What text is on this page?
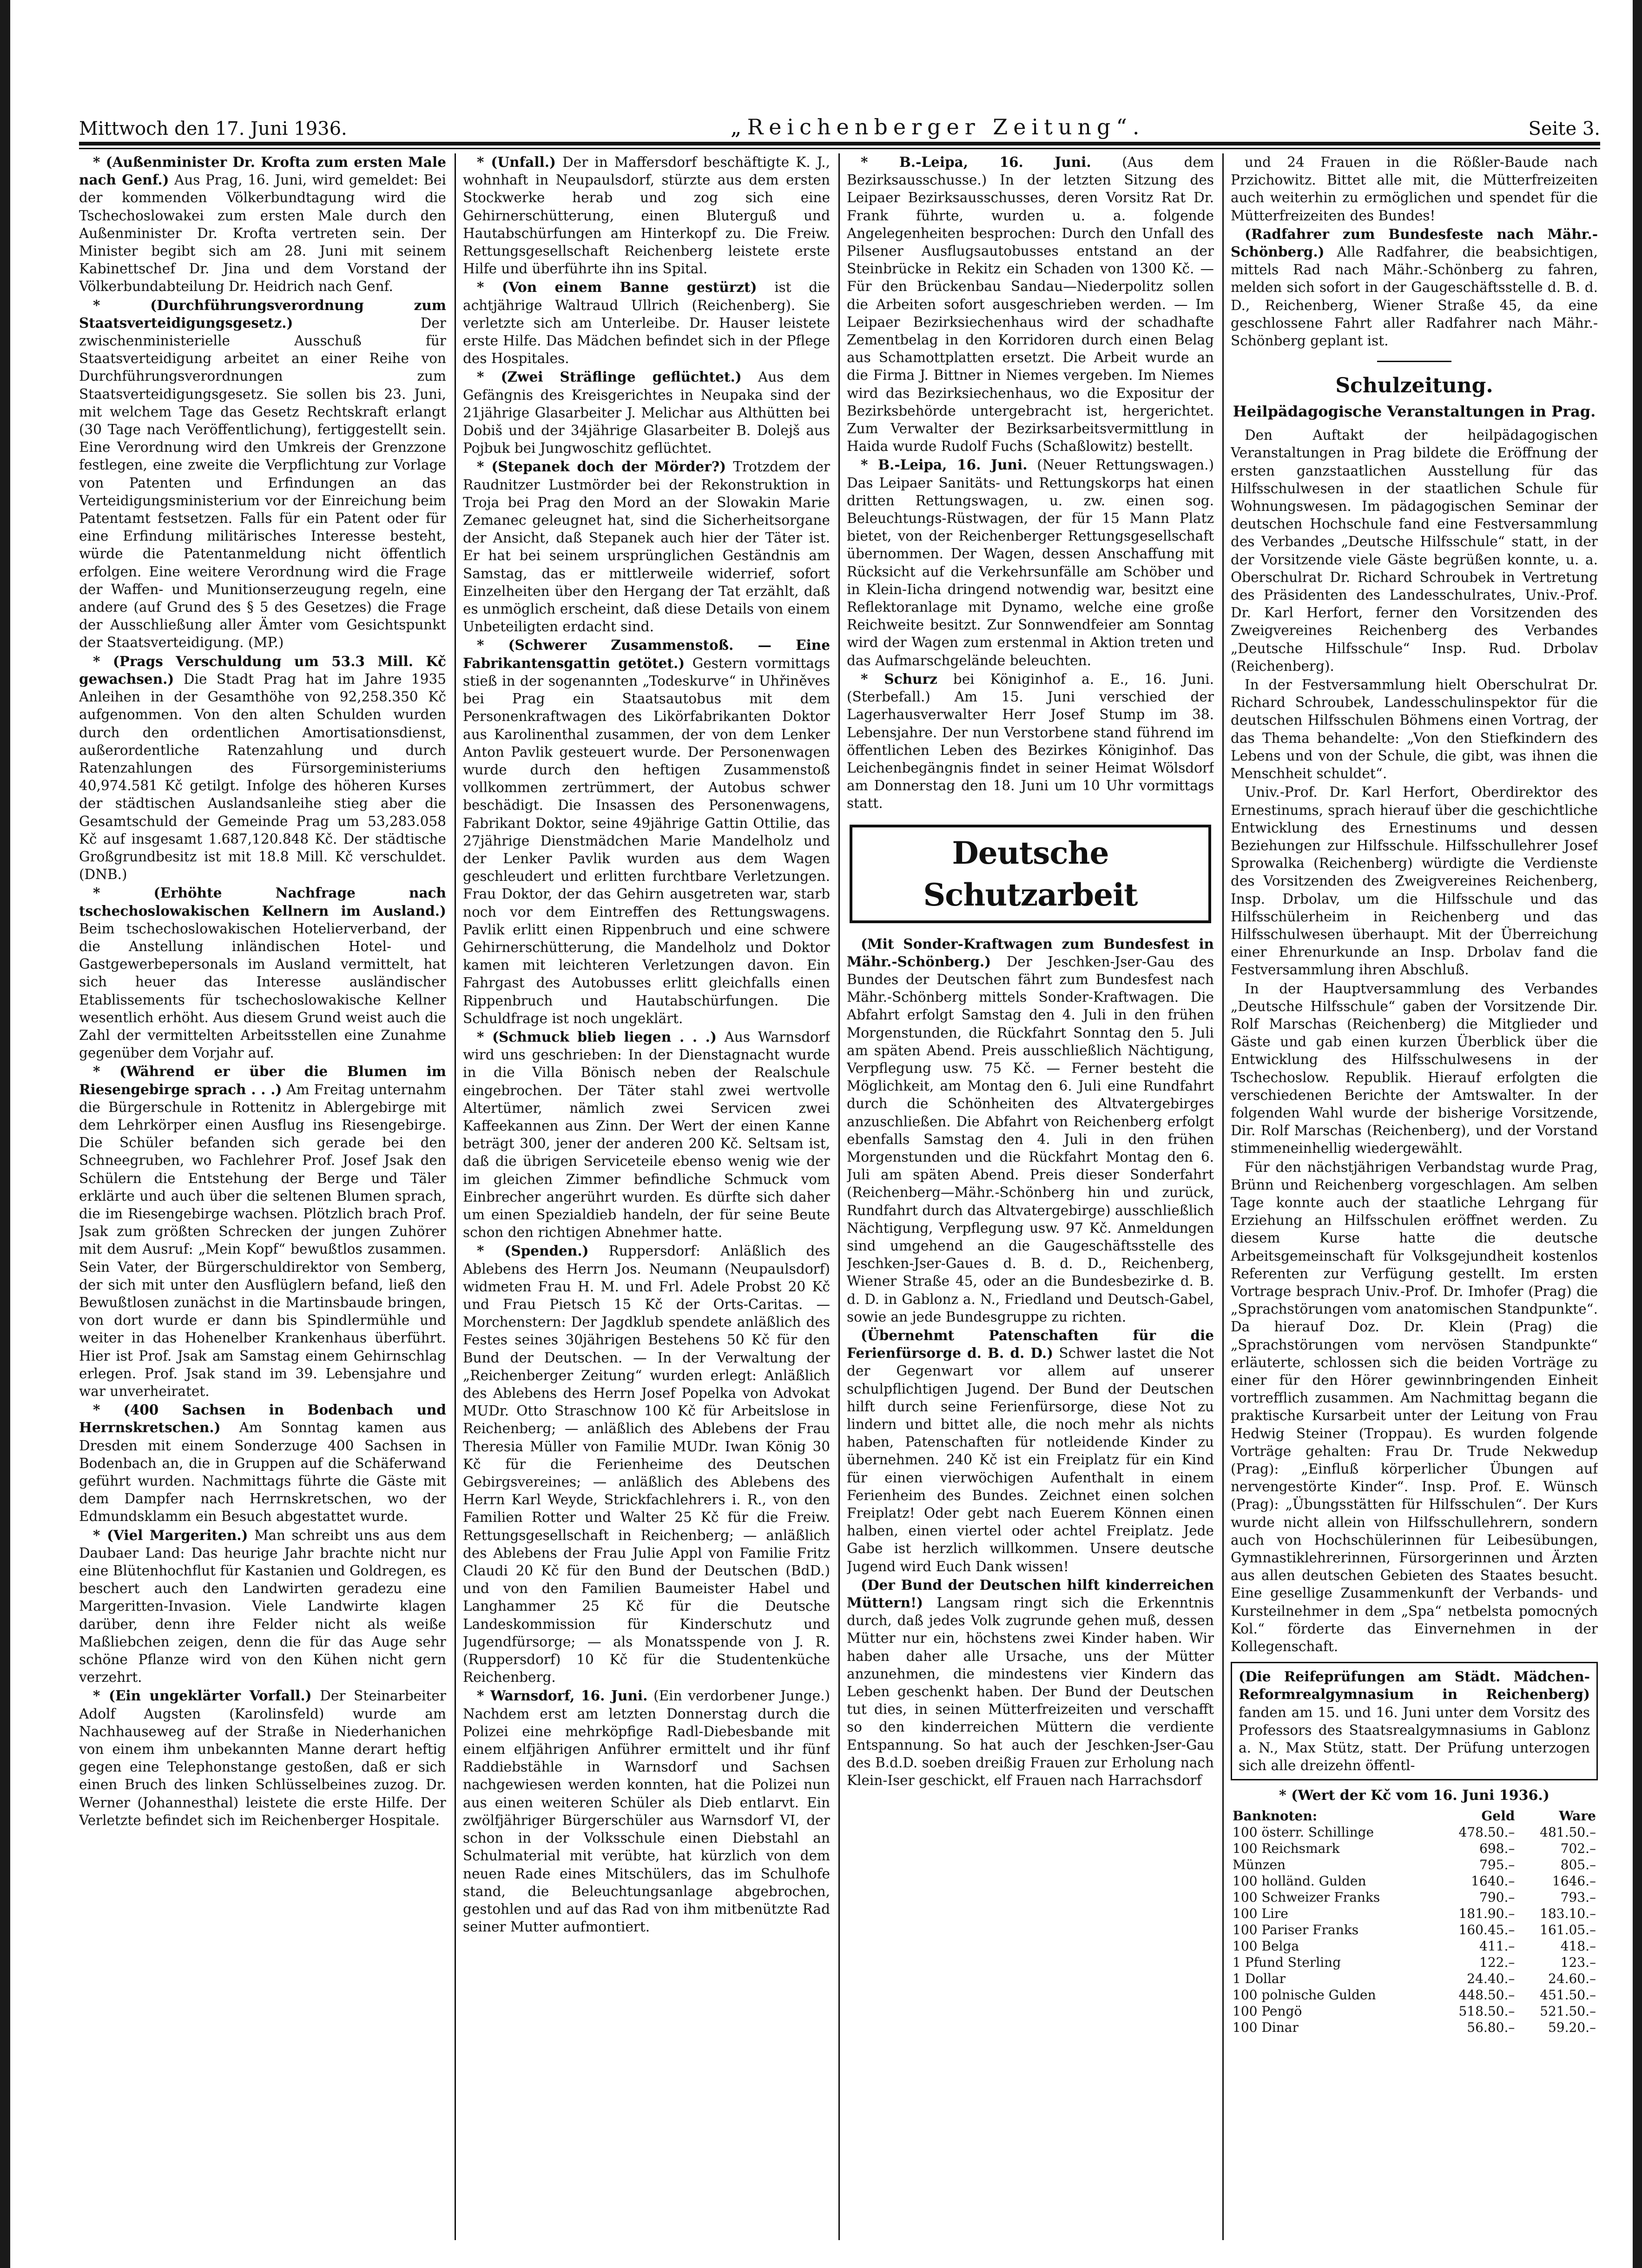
Mittwoch den 17. Juni 1936.	„Reichenberger Zeitung“.	Seite 3.

* (Außenminister Dr. Krofta zum ersten Male nach Genf.) Aus Prag, 16. Juni, wird gemeldet: Bei der kommenden Völkerbundtagung wird die Tschechoslowakei zum ersten Male durch den Außenminister Dr. Krofta vertreten sein. Der Minister begibt sich am 28. Juni mit seinem Kabinettschef Dr. Jina und dem Vorstand der Völkerbundabteilung Dr. Heidrich nach Genf.

* (Durchführungsverordnung zum Staatsverteidigungsgesetz.)	Der zwischenministerielle Ausschuß für Staatsverteidigung arbeitet an einer Reihe von Durchführungsverordnungen zum Staatsverteidigungsgesetz. Sie sollen bis 23. Juni, mit welchem Tage das Gesetz Rechtskraft erlangt (30 Tage nach Veröffentlichung), fertiggestellt sein. Eine Verordnung wird den Umkreis der Grenzzone festlegen, eine zweite die Verpflichtung zur Vorlage von Patenten und Erfindungen an das Verteidigungsministerium vor der Einreichung beim Patentamt festsetzen. Falls für ein Patent oder für eine Erfindung militärisches Interesse besteht, würde die Patentanmeldung nicht öffentlich erfolgen. Eine weitere Verordnung wird die Frage der Waffen- und Munitionserzeugung regeln, eine andere (auf Grund des § 5 des Gesetzes) die Frage der Ausschließung aller Ämter vom Gesichtspunkt der Staatsverteidigung. (MP.)

* (Prags Verschuldung um 53.3 Mill. Kč gewachsen.) Die Stadt Prag hat im Jahre 1935 Anleihen in der Gesamthöhe von 92,258.350 Kč aufgenommen. Von den alten Schulden wurden durch den ordentlichen Amortisationsdienst, außerordentliche Ratenzahlung und durch Ratenzahlungen des Fürsorgeministeriums 40,974.581 Kč getilgt. Infolge des höheren Kurses der städtischen Auslandsanleihe stieg aber die Gesamtschuld der Gemeinde Prag um 53,283.058 Kč auf insgesamt 1.687,120.848 Kč. Der städtische Großgrundbesitz ist mit 18.8 Mill. Kč verschuldet. (DNB.)

* (Erhöhte Nachfrage nach tschechoslowakischen Kellnern im Ausland.) Beim tschechoslowakischen Hotelierverband, der die Anstellung inländischen Hotel- und Gastgewerbepersonals im Ausland vermittelt, hat sich heuer das Interesse ausländischer Etablissements für tschechoslowakische Kellner wesentlich erhöht. Aus diesem Grund weist auch die Zahl der vermittelten Arbeitsstellen eine Zunahme gegenüber dem Vorjahr auf.

* (Während er über die Blumen im Riesengebirge sprach . . .) Am Freitag unternahm die Bürgerschule in Rottenitz in Ablergebirge mit dem Lehrkörper einen Ausflug ins Riesengebirge. Die Schüler befanden sich gerade bei den Schneegruben, wo Fachlehrer Prof. Josef Jsak den Schülern die Entstehung der Berge und Täler erklärte und auch über die seltenen Blumen sprach, die im Riesengebirge wachsen. Plötzlich brach Prof. Jsak zum größten Schrecken der jungen Zuhörer mit dem Ausruf: „Mein Kopf“ bewußtlos zusammen. Sein Vater, der Bürgerschuldirektor von Semberg, der sich mit unter den Ausflüglern befand, ließ den Bewußtlosen zunächst in die Martinsbaude bringen, von dort wurde er dann bis Spindlermühle und weiter in das Hohenelber Krankenhaus überführt. Hier ist Prof. Jsak am Samstag einem Gehirnschlag erlegen. Prof. Jsak stand im 39. Lebensjahre und war unverheiratet.

* (400 Sachsen in Bodenbach und Herrnskretschen.) Am Sonntag kamen aus Dresden mit einem Sonderzuge 400 Sachsen in Bodenbach an, die in Gruppen auf die Schäferwand geführt wurden. Nachmittags führte die Gäste mit dem Dampfer nach Herrnskretschen, wo der Edmundsklamm ein Besuch abgestattet wurde.

* (Viel Margeriten.) Man schreibt uns aus dem Daubaer Land: Das heurige Jahr brachte nicht nur eine Blütenhochflut für Kastanien und Goldregen, es beschert auch den Landwirten geradezu eine Margeritten-Invasion. Viele Landwirte klagen darüber, denn ihre Felder nicht als weiße Maßliebchen zeigen, denn die für das Auge sehr schöne Pflanze wird von den Kühen nicht gern verzehrt.

* (Ein ungeklärter Vorfall.) Der Steinarbeiter Adolf Augsten (Karolinsfeld) wurde am Nachhauseweg auf der Straße in Niederhanichen von einem ihm unbekannten Manne derart heftig gegen eine Telephonstange gestoßen, daß er sich einen Bruch des linken Schlüsselbeines zuzog. Dr. Werner (Johannesthal) leistete die erste Hilfe. Der Verletzte befindet sich im Reichenberger Hospitale.

* (Unfall.) Der in Maffersdorf beschäftigte K. J., wohnhaft in Neupaulsdorf, stürzte aus dem ersten Stockwerke herab und zog sich eine Gehirnerschütterung, einen Bluterguß und Hautabschürfungen am Hinterkopf zu. Die Freiw. Rettungsgesellschaft Reichenberg leistete erste Hilfe und überführte ihn ins Spital.

* (Von einem Banne gestürzt) ist die achtjährige Waltraud Ullrich (Reichenberg). Sie verletzte sich am Unterleibe. Dr. Hauser leistete erste Hilfe. Das Mädchen befindet sich in der Pflege des Hospitales.

* (Zwei Sträflinge geflüchtet.) Aus dem Gefängnis des Kreisgerichtes in Neupaka sind der 21jährige Glasarbeiter J. Melichar aus Althütten bei Dobiš und der 34jährige Glasarbeiter B. Dolejš aus Pojbuk bei Jungwoschitz geflüchtet.

* (Stepanek doch der Mörder?) Trotzdem der Raudnitzer Lustmörder bei der Rekonstruktion in Troja bei Prag den Mord an der Slowakin Marie Zemanec geleugnet hat, sind die Sicherheitsorgane der Ansicht, daß Stepanek auch hier der Täter ist. Er hat bei seinem ursprünglichen Geständnis am Samstag, das er mittlerweile widerrief, sofort Einzelheiten über den Hergang der Tat erzählt, daß es unmöglich erscheint, daß diese Details von einem Unbeteiligten erdacht sind.

* (Schwerer Zusammenstoß. — Eine Fabrikantensgattin getötet.) Gestern vormittags stieß in der sogenannten „Todeskurve“ in Uhřiněves bei Prag ein Staatsautobus mit dem Personenkraftwagen des Likörfabrikanten Doktor aus Karolinenthal zusammen, der von dem Lenker Anton Pavlik gesteuert wurde. Der Personenwagen wurde durch den heftigen Zusammenstoß vollkommen zertrümmert, der Autobus schwer beschädigt. Die Insassen des Personenwagens, Fabrikant Doktor, seine 49jährige Gattin Ottilie, das 27jährige Dienstmädchen Marie Mandelholz und der Lenker Pavlik wurden aus dem Wagen geschleudert und erlitten furchtbare Verletzungen. Frau Doktor, der das Gehirn ausgetreten war, starb noch vor dem Eintreffen des Rettungswagens. Pavlik erlitt einen Rippenbruch und eine schwere Gehirnerschütterung, die Mandelholz und Doktor kamen mit leichteren Verletzungen davon. Ein Fahrgast des Autobusses erlitt gleichfalls einen Rippenbruch und Hautabschürfungen. Die Schuldfrage ist noch ungeklärt.

* (Schmuck blieb liegen . . .) Aus Warnsdorf wird uns geschrieben: In der Dienstagnacht wurde in die Villa Bönisch neben der Realschule eingebrochen. Der Täter stahl zwei wertvolle Altertümer, nämlich zwei Servicen zwei Kaffeekannen aus Zinn. Der Wert der einen Kanne beträgt 300, jener der anderen 200 Kč. Seltsam ist, daß die übrigen Serviceteile ebenso wenig wie der im gleichen Zimmer befindliche Schmuck vom Einbrecher angerührt wurden. Es dürfte sich daher um einen Spezialdieb handeln, der für seine Beute schon den richtigen Abnehmer hatte.

* (Spenden.) Ruppersdorf: Anläßlich des Ablebens des Herrn Jos. Neumann (Neupaulsdorf) widmeten Frau H. M. und Frl. Adele Probst 20 Kč und Frau Pietsch 15 Kč der Orts-Caritas. — Morchenstern: Der Jagdklub spendete anläßlich des Festes seines 30jährigen Bestehens 50 Kč für den Bund der Deutschen. — In der Verwaltung der „Reichenberger Zeitung“ wurden erlegt: Anläßlich des Ablebens des Herrn Josef Popelka von Advokat MUDr. Otto Straschnow 100 Kč für Arbeitslose in Reichenberg; — anläßlich des Ablebens der Frau Theresia Müller von Familie MUDr. Iwan König 30 Kč für die Ferienheime des Deutschen Gebirgsvereines; — anläßlich des Ablebens des Herrn Karl Weyde, Strickfachlehrers i. R., von den Familien Rotter und Walter 25 Kč für die Freiw. Rettungsgesellschaft in Reichenberg; — anläßlich des Ablebens der Frau Julie Appl von Familie Fritz Claudi 20 Kč für den Bund der Deutschen (BdD.) und von den Familien Baumeister Habel und Langhammer 25 Kč für die Deutsche Landeskommission für Kinderschutz und Jugendfürsorge; — als Monatsspende von J. R. (Ruppersdorf) 10 Kč für die Studentenküche Reichenberg.

* Warnsdorf, 16. Juni. (Ein verdorbener Junge.) Nachdem erst am letzten Donnerstag durch die Polizei eine mehrköpfige Radl-Diebesbande mit einem elfjährigen Anführer ermittelt und ihr fünf Raddiebstähle in Warnsdorf und Sachsen nachgewiesen werden konnten, hat die Polizei nun aus einen weiteren Schüler als Dieb entlarvt. Ein zwölfjähriger Bürgerschüler aus Warnsdorf VI, der schon in der Volksschule einen Diebstahl an Schulmaterial mit verübte, hat kürzlich von dem neuen Rade eines Mitschülers, das im Schulhofe stand, die Beleuchtungsanlage abgebrochen, gestohlen und auf das Rad von ihm mitbenützte Rad seiner Mutter aufmontiert.

* B.-Leipa, 16. Juni. (Aus dem Bezirksausschusse.) In der letzten Sitzung des Leipaer Bezirksausschusses, deren Vorsitz Rat Dr. Frank führte, wurden u. a. folgende Angelegenheiten besprochen: Durch den Unfall des Pilsener Ausflugsautobusses entstand an der Steinbrücke in Rekitz ein Schaden von 1300 Kč. — Für den Brückenbau Sandau—Niederpolitz sollen die Arbeiten sofort ausgeschrieben werden. — Im Leipaer Bezirksiechenhaus wird der schadhafte Zementbelag in den Korridoren durch einen Belag aus Schamottplatten ersetzt. Die Arbeit wurde an die Firma J. Bittner in Niemes vergeben. Im Niemes wird das Bezirksiechenhaus, wo die Expositur der Bezirksbehörde untergebracht ist, hergerichtet. Zum Verwalter der Bezirksarbeitsvermittlung in Haida wurde Rudolf Fuchs (Schaßlowitz) bestellt.

* B.-Leipa, 16. Juni. (Neuer Rettungswagen.) Das Leipaer Sanitäts- und Rettungskorps hat einen dritten Rettungswagen, u. zw. einen sog. Beleuchtungs-Rüstwagen, der für 15 Mann Platz bietet, von der Reichenberger Rettungsgesellschaft übernommen. Der Wagen, dessen Anschaffung mit Rücksicht auf die Verkehrsunfälle am Schöber und in Klein-Iicha dringend notwendig war, besitzt eine Reflektoranlage mit Dynamo, welche eine große Reichweite besitzt. Zur Sonnwendfeier am Sonntag wird der Wagen zum erstenmal in Aktion treten und das Aufmarschgelände beleuchten.

* Schurz bei Königinhof a. E., 16. Juni. (Sterbefall.) Am 15. Juni verschied der Lagerhausverwalter Herr Josef Stump im 38. Lebensjahre. Der nun Verstorbene stand führend im öffentlichen Leben des Bezirkes Königinhof. Das Leichenbegängnis findet in seiner Heimat Wölsdorf am Donnerstag den 18. Juni um 10 Uhr vormittags statt.

Deutsche Schutzarbeit

(Mit Sonder-Kraftwagen zum Bundesfest in Mähr.-Schönberg.) Der Jeschken-Jser-Gau des Bundes der Deutschen fährt zum Bundesfest nach Mähr.-Schönberg mittels Sonder-Kraftwagen. Die Abfahrt erfolgt Samstag den 4. Juli in den frühen Morgenstunden, die Rückfahrt Sonntag den 5. Juli am späten Abend. Preis ausschließlich Nächtigung, Verpflegung usw. 75 Kč. — Ferner besteht die Möglichkeit, am Montag den 6. Juli eine Rundfahrt durch die Schönheiten des Altvatergebirges anzuschließen. Die Abfahrt von Reichenberg erfolgt ebenfalls Samstag den 4. Juli in den frühen Morgenstunden und die Rückfahrt Montag den 6. Juli am späten Abend. Preis dieser Sonderfahrt (Reichenberg—Mähr.-Schönberg hin und zurück, Rundfahrt durch das Altvatergebirge) ausschließlich Nächtigung, Verpflegung usw. 97 Kč. Anmeldungen sind umgehend an die Gaugeschäftsstelle des Jeschken-Jser-Gaues d. B. d. D., Reichenberg, Wiener Straße 45, oder an die Bundesbezirke d. B. d. D. in Gablonz a. N., Friedland und Deutsch-Gabel, sowie an jede Bundesgruppe zu richten.

(Übernehmt Patenschaften für die Ferienfürsorge d. B. d. D.) Schwer lastet die Not der Gegenwart vor allem auf unserer schulpflichtigen Jugend. Der Bund der Deutschen hilft durch seine Ferienfürsorge, diese Not zu lindern und bittet alle, die noch mehr als nichts haben, Patenschaften für notleidende Kinder zu übernehmen. 240 Kč ist ein Freiplatz für ein Kind für einen vierwöchigen Aufenthalt in einem Ferienheim des Bundes. Zeichnet einen solchen Freiplatz! Oder gebt nach Euerem Können einen halben, einen viertel oder achtel Freiplatz. Jede Gabe ist herzlich willkommen. Unsere deutsche Jugend wird Euch Dank wissen!

(Der Bund der Deutschen hilft kinderreichen Müttern!) Langsam ringt sich die Erkenntnis durch, daß jedes Volk zugrunde gehen muß, dessen Mütter nur ein, höchstens zwei Kinder haben. Wir haben daher alle Ursache, uns der Mütter anzunehmen, die mindestens vier Kindern das Leben geschenkt haben. Der Bund der Deutschen tut dies, in seinen Mütterfreizeiten und verschafft so den kinderreichen Müttern die verdiente Entspannung. So hat auch der Jeschken-Jser-Gau des B.d.D. soeben dreißig Frauen zur Erholung nach Klein-Iser geschickt, elf Frauen nach Harrachsdorf

und 24 Frauen in die Rößler-Baude nach Przichowitz. Bittet alle mit, die Mütterfreizeiten auch weiterhin zu ermöglichen und spendet für die Mütterfreizeiten des Bundes!

(Radfahrer zum Bundesfeste nach Mähr.-Schönberg.) Alle Radfahrer, die beabsichtigen, mittels Rad nach Mähr.-Schönberg zu fahren, melden sich sofort in der Gaugeschäftsstelle d. B. d. D., Reichenberg, Wiener Straße 45, da eine geschlossene Fahrt aller Radfahrer nach Mähr.-Schönberg geplant ist.

Schulzeitung.
Heilpädagogische Veranstaltungen in Prag.

Den Auftakt der heilpädagogischen Veranstaltungen in Prag bildete die Eröffnung der ersten ganzstaatlichen Ausstellung für das Hilfsschulwesen in der staatlichen Schule für Wohnungswesen. Im pädagogischen Seminar der deutschen Hochschule fand eine Festversammlung des Verbandes „Deutsche Hilfsschule“ statt, in der der Vorsitzende viele Gäste begrüßen konnte, u. a. Oberschulrat Dr. Richard Schroubek in Vertretung des Präsidenten des Landesschulrates, Univ.-Prof. Dr. Karl Herfort, ferner den Vorsitzenden des Zweigvereines Reichenberg des Verbandes „Deutsche Hilfsschule“ Insp. Rud. Drbolav (Reichenberg).

In der Festversammlung hielt Oberschulrat Dr. Richard Schroubek, Landesschulinspektor für die deutschen Hilfsschulen Böhmens einen Vortrag, der das Thema behandelte: „Von den Stiefkindern des Lebens und von der Schule, die gibt, was ihnen die Menschheit schuldet“.

Univ.-Prof. Dr. Karl Herfort, Oberdirektor des Ernestinums, sprach hierauf über die geschichtliche Entwicklung des Ernestinums und dessen Beziehungen zur Hilfsschule. Hilfsschullehrer Josef Sprowalka (Reichenberg) würdigte die Verdienste des Vorsitzenden des Zweigvereines Reichenberg, Insp. Drbolav, um die Hilfsschule und das Hilfsschülerheim in Reichenberg und das Hilfsschulwesen überhaupt. Mit der Überreichung einer Ehrenurkunde an Insp. Drbolav fand die Festversammlung ihren Abschluß.

In der Hauptversammlung des Verbandes „Deutsche Hilfsschule“ gaben der Vorsitzende Dir. Rolf Marschas (Reichenberg) die Mitglieder und Gäste und gab einen kurzen Überblick über die Entwicklung des Hilfsschulwesens in der Tschechoslow. Republik. Hierauf erfolgten die verschiedenen Berichte der Amtswalter. In der folgenden Wahl wurde der bisherige Vorsitzende, Dir. Rolf Marschas (Reichenberg), und der Vorstand stimmeneinhellig wiedergewählt.

Für den nächstjährigen Verbandstag wurde Prag, Brünn und Reichenberg vorgeschlagen. Am selben Tage konnte auch der staatliche Lehrgang für Erziehung an Hilfsschulen eröffnet werden. Zu diesem Kurse hatte die deutsche Arbeitsgemeinschaft für Volksgejundheit kostenlos Referenten zur Verfügung gestellt. Im ersten Vortrage besprach Univ.-Prof. Dr. Imhofer (Prag) die „Sprachstörungen vom anatomischen Standpunkte“. Da hierauf Doz. Dr. Klein (Prag) die „Sprachstörungen vom nervösen Standpunkte“ erläuterte, schlossen sich die beiden Vorträge zu einer für den Hörer gewinnbringenden Einheit vortrefflich zusammen. Am Nachmittag begann die praktische Kursarbeit unter der Leitung von Frau Hedwig Steiner (Troppau). Es wurden folgende Vorträge gehalten: Frau Dr. Trude Nekwedup (Prag): „Einfluß körperlicher Übungen auf nervengestörte Kinder“. Insp. Prof. E. Wünsch (Prag): „Übungsstätten für Hilfsschulen“. Der Kurs wurde nicht allein von Hilfsschullehrern, sondern auch von Hochschülerinnen für Leibesübungen, Gymnastiklehrerinnen, Fürsorgerinnen und Ärzten aus allen deutschen Gebieten des Staates besucht. Eine gesellige Zusammenkunft der Verbands- und Kursteilnehmer in dem „Spa“ netbelsta pomocných Kol.“ förderte das Einvernehmen in der Kollegenschaft.

(Die Reifeprüfungen am Städt. Mädchen-Reformrealgymnasium in Reichenberg) fanden am 15. und 16. Juni unter dem Vorsitz des Professors des Staatsrealgymnasiums in Gablonz a. N., Max Stütz, statt. Der Prüfung unterzogen sich alle dreizehn öffentl-
* (Wert der Kč vom 16. Juni 1936.)
Banknoten:	Geld	Ware
100 österr. Schillinge	478.50.–	481.50.–
100 Reichsmark	698.–	702.–
Münzen	795.–	805.–
100 holländ. Gulden	1640.–	1646.–
100 Schweizer Franks	790.–	793.–
100 Lire	181.90.–	183.10.–
100 Pariser Franks	160.45.–	161.05.–
100 Belga	411.–	418.–
1 Pfund Sterling	122.–	123.–
1 Dollar	24.40.–	24.60.–
100 polnische Gulden	448.50.–	451.50.–
100 Pengö	518.50.–	521.50.–
100 Dinar	56.80.–	59.20.–
